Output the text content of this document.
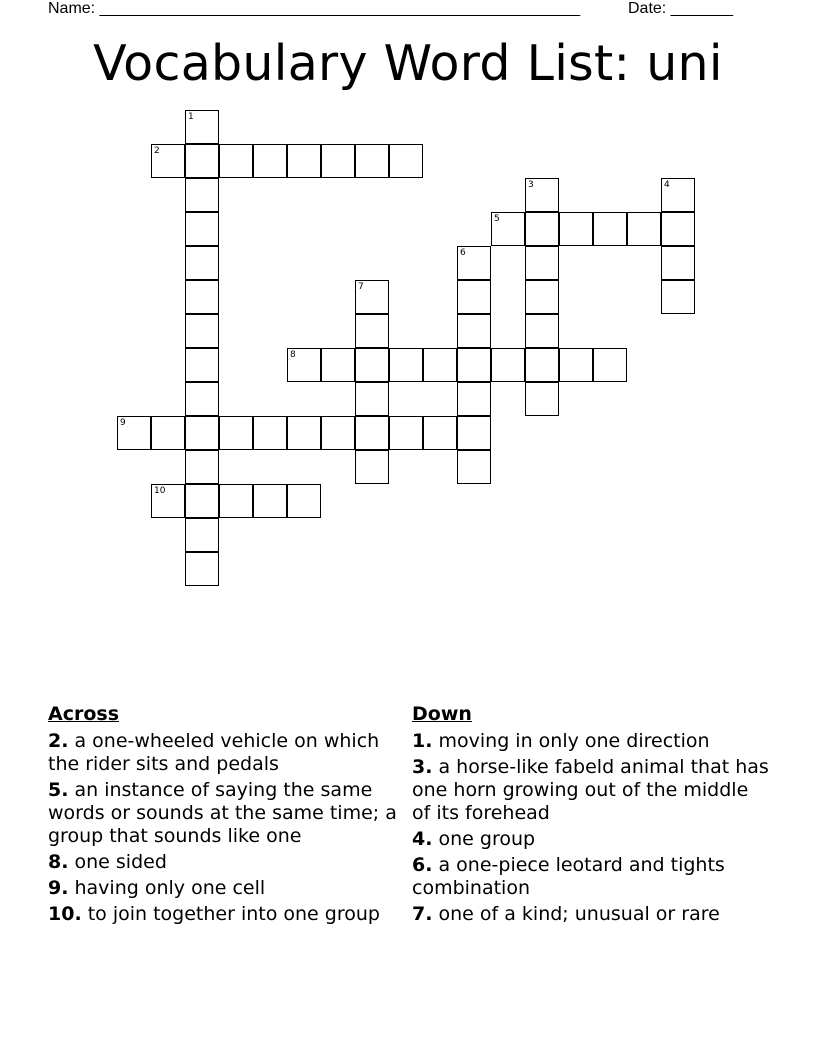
Name: ______________________________________________________	Date: _______
Vocabulary Word List: uni
1
2
3	4
5
6
7
8
9
10
Across
2. a one-wheeled vehicle on which the rider sits and pedals
5. an instance of saying the same words or sounds at the same time; a group that sounds like one
8. one sided
9. having only one cell
10. to join together into one group
Down
1. moving in only one direction
3. a horse-like fabeld animal that has one horn growing out of the middle of its forehead
4. one group
6. a one-piece leotard and tights combination
7. one of a kind; unusual or rare
